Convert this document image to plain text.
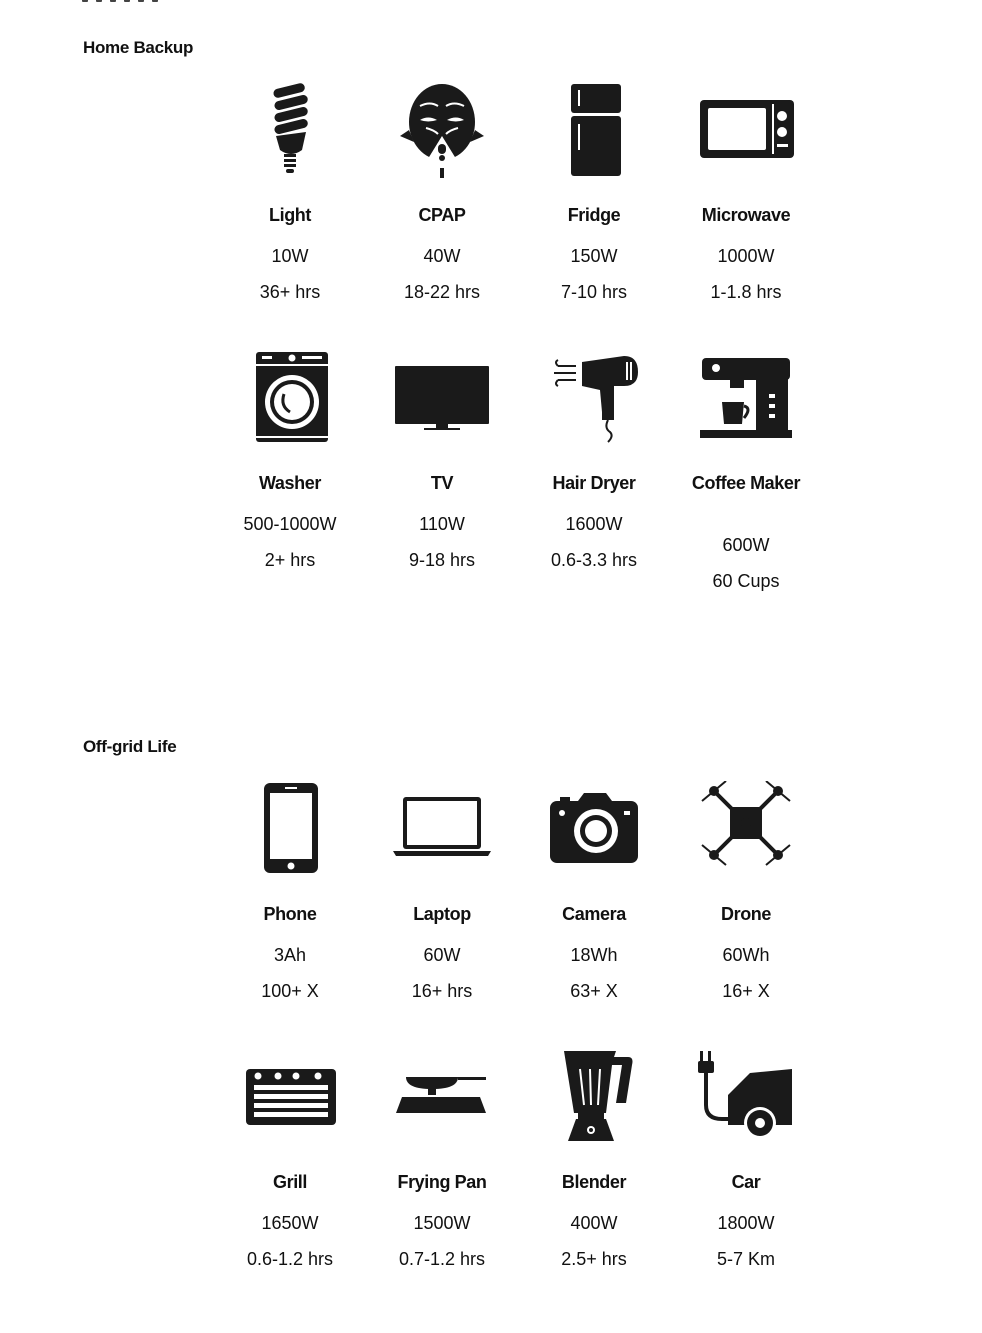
Home Backup
Light
10W
36+ hrs
CPAP
40W
18-22 hrs
Fridge
150W
7-10 hrs
Microwave
1000W
1-1.8 hrs
Washer
500-1000W
2+ hrs
TV
110W
9-18 hrs
Hair Dryer
1600W
0.6-3.3 hrs
Coffee Maker
600W
60 Cups
Off-grid Life
Phone
3Ah
100+ X
Laptop
60W
16+ hrs
Camera
18Wh
63+ X
Drone
60Wh
16+ X
Grill
1650W
0.6-1.2 hrs
Frying Pan
1500W
0.7-1.2 hrs
Blender
400W
2.5+ hrs
Car
1800W
5-7 Km
